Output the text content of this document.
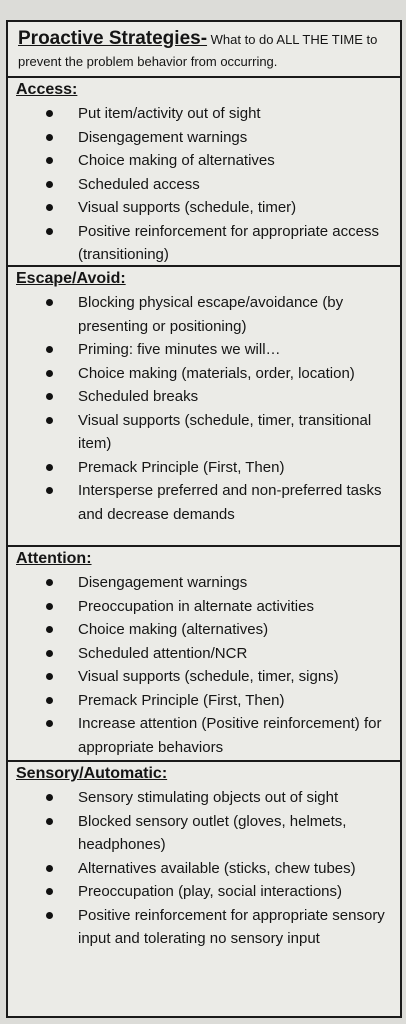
Proactive Strategies- What to do ALL THE TIME to prevent the problem behavior from occurring.
Access:
Put item/activity out of sight
Disengagement warnings
Choice making of alternatives
Scheduled access
Visual supports (schedule, timer)
Positive reinforcement for appropriate access (transitioning)
Escape/Avoid:
Blocking physical escape/avoidance (by presenting or positioning)
Priming: five minutes we will…
Choice making (materials, order, location)
Scheduled breaks
Visual supports (schedule, timer, transitional item)
Premack Principle (First, Then)
Intersperse preferred and non-preferred tasks and decrease demands
Attention:
Disengagement warnings
Preoccupation in alternate activities
Choice making (alternatives)
Scheduled attention/NCR
Visual supports (schedule, timer, signs)
Premack Principle (First, Then)
Increase attention (Positive reinforcement) for appropriate behaviors
Sensory/Automatic:
Sensory stimulating objects out of sight
Blocked sensory outlet (gloves, helmets, headphones)
Alternatives available (sticks, chew tubes)
Preoccupation (play, social interactions)
Positive reinforcement for appropriate sensory input and tolerating no sensory input
